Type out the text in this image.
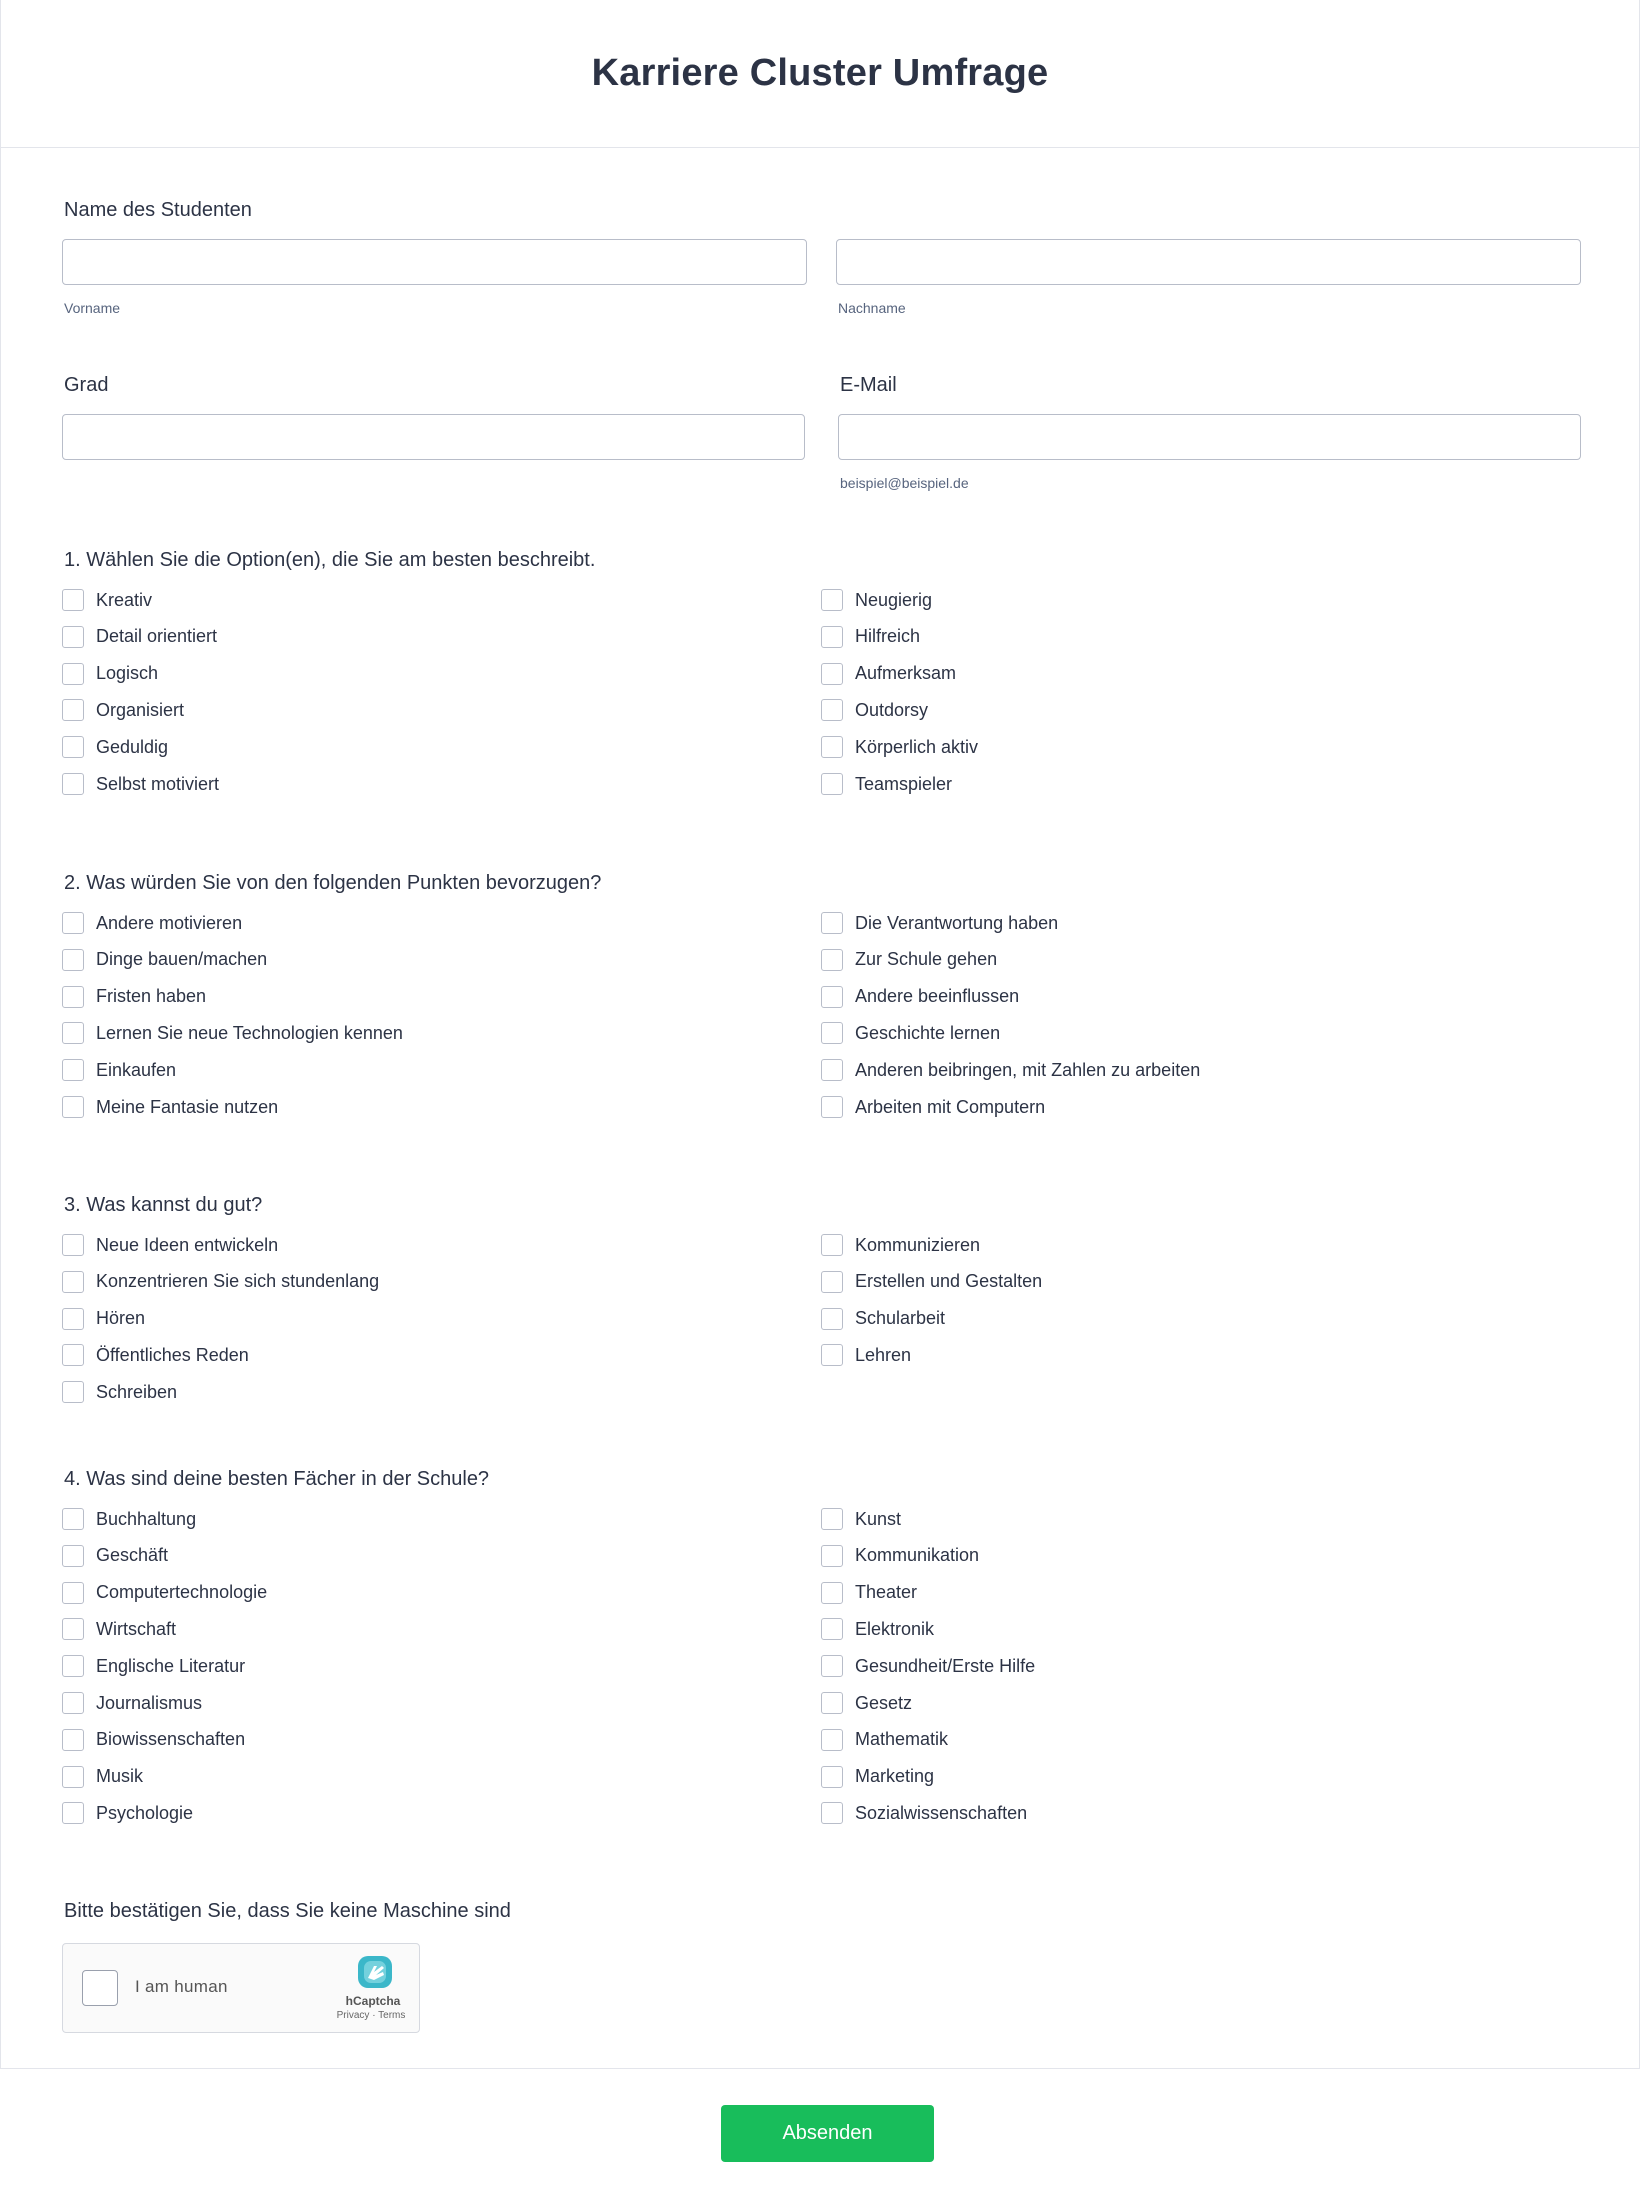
Karriere Cluster Umfrage
Name des Studenten
Vorname	Nachname
Grad	E-Mail
beispiel@beispiel.de
1. Wählen Sie die Option(en), die Sie am besten beschreibt.
Kreativ
Detail orientiert
Logisch
Organisiert
Geduldig
Selbst motiviert
Neugierig
Hilfreich
Aufmerksam
Outdorsy
Körperlich aktiv
Teamspieler
2. Was würden Sie von den folgenden Punkten bevorzugen?
Andere motivieren
Dinge bauen/machen
Fristen haben
Lernen Sie neue Technologien kennen
Einkaufen
Meine Fantasie nutzen
Die Verantwortung haben
Zur Schule gehen
Andere beeinflussen
Geschichte lernen
Anderen beibringen, mit Zahlen zu arbeiten
Arbeiten mit Computern
3. Was kannst du gut?
Neue Ideen entwickeln
Konzentrieren Sie sich stundenlang
Hören
Öffentliches Reden
Schreiben
Kommunizieren
Erstellen und Gestalten
Schularbeit
Lehren
4. Was sind deine besten Fächer in der Schule?
Buchhaltung
Geschäft
Computertechnologie
Wirtschaft
Englische Literatur
Journalismus
Biowissenschaften
Musik
Psychologie
Kunst
Kommunikation
Theater
Elektronik
Gesundheit/Erste Hilfe
Gesetz
Mathematik
Marketing
Sozialwissenschaften
Bitte bestätigen Sie, dass Sie keine Maschine sind
I am human
hCaptcha
Privacy · Terms
Absenden
